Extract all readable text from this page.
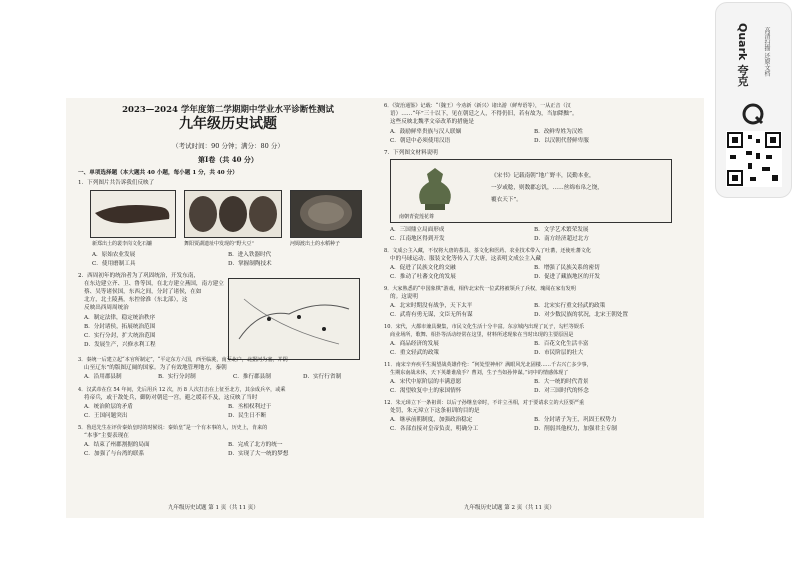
2023—2024 学年度第二学期期中学业水平诊断性测试
九年级历史试题
（考试时间：90 分钟；满分：80 分）
第Ⅰ卷（共 40 分）
一、单项选择题（本大题共 40 小题，每小题 1 分，共 40 分）
1．下列图片共告诉我们反映了
新郑出土的裴李岗文化石镰	舞阳贾湖遗址中发现的“野大豆”	河姆渡出土的水稻种子
A．原始农业发展	B．进入铁器时代
C．使用磨制工具	D．掌握制陶技术
2．西周初年的统治者为了巩固统治，开发东南，
在东边建立齐、卫、鲁等国，在北方建立燕国，南方建立
蔡、吴等诸侯国，东西之间，分封了诸侯，在如
北方，北土陵燕，东控徐淮（东北部），这
反映出西周周统治
A．制定法律，稳定统治秩序
B．分封诸侯，拓展统治范围
C．实行分封，扩大统治范围
D．发展生产，兴修水利工程
3．秦统一后建立起“本官所制定”，“平定东方六国，西至临洮，南至北户，北据河为塞，并阴
山至辽东”的版图辽阔的国家。为了有效地管理地方，秦朝
A．沿用郡县制	B．实行分封制	C．推行郡县制	D．实行行省制
4．汉武帝在位 54 年间，先后用兵 12 次，历 8 人次打击在上征至北方，其余成兵卒，或乘
将帝兵，或于敌处兵，御防对朝廷一宫，避之缓若不及，这反映了当时
A．统治阶层的矛盾	B．丞相权利过于
C．王国问题突出	D．民生日不断
5．鲁迅先生在评价秦始皇时的时候说：秦始皇“是一个有本事的人，历史上，肯来的
“本事”主要表现在
A．结束了州郡割据的局面	B．完成了北方的统一
C．加强了与台湾的联系	D．实现了大一统的梦想
九年级历史试题 第 1 页（共 11 页）
6．《资治通鉴》记载：“（魏王）今劝新（新兴）诸出游（鲜卑语等），一从正音（汉
语）……“年”三十以下，见在朝廷之人，不得仍旧，若有故为，当加降黜”。
这些反映北魏孝文帝改革的措施是
A．鼓励鲜卑贵族与汉人联姻	B．改鲜卑姓为汉姓
C．朝廷中必须使用汉语	D．以汉朝代替鲜卑服
7．下列图文材料说明
南朝青瓷莲花尊
《宋书》记载南朝“地广野丰，民勤本业，
一岁或稔，则数郡忘饥，……丝绵布帛之饶，
覆衣天下”。
A．三国鼎立局面形成	B．文学艺术繁荣发展
C．江南地区得到开发	D．南方经济超过北方
8．文成公主入藏，不仅将大唐的茶具、茶文化和医药、农业技术带入了吐蕃，还使吐蕃文化
中的马球运动、服装文化等传入了大唐，这表明文成公主入藏
A．促进了民族文化的交融	B．增强了民族关系的密切
C．推动了吐蕃文化的发展	D．促进了藏族地区的开发
9．大家熟悉的“中国象棋”游戏，相传北宋代一位武将被领兵了兵权，瑰阅在家有发明
的。这说明
A．北宋时期没有战争，天下太平	B．北宋实行重文轻武的政策
C．武将有勇无谋，文臣无所有谋	D．对少数民族的状况，北宋王朝处置
10．宋代，大都市兼具聚集，市民文化生活十分丰富。东京城内出现了瓦子，勾栏等娱乐
商业场所，歌舞、相扑等活动经常在这里，材料所述现象在当时出现的主要原因是
A．商品经济的发展	B．百花文化生活丰富
C．重文轻武的政策	D．市民阶层的壮大
11．南宋辛弃疾平生渴望战英雄作伦：“何处望神州？满眼风光北固楼……千古兴亡多少事，
生期东南战未休，天下英雄谁敌手？曹刘，生子当如孙仲谋。”词中的情感体现了
A．宋代中原阶层的丰满意愿	B．大一统的时代背景
C．渴望收复中土的家国情怀	D．对三国时代的怀念
12．朱元璋立下一条祖训：以后子孙继皇帝时，不许立丞相，对于要请求立的大臣要严重
处罚，朱元璋立下这条祖训的目的是
A．继承前朝制度，加强政治稳定	B．分封诸子为王，巩固王权势力
C．各部直接对皇帝负责，明确分工	D．削弱其他权力，加强君主专制
九年级历史试题 第 2 页（共 11 页）
Quark 夸克 高清扫描 还原文档
